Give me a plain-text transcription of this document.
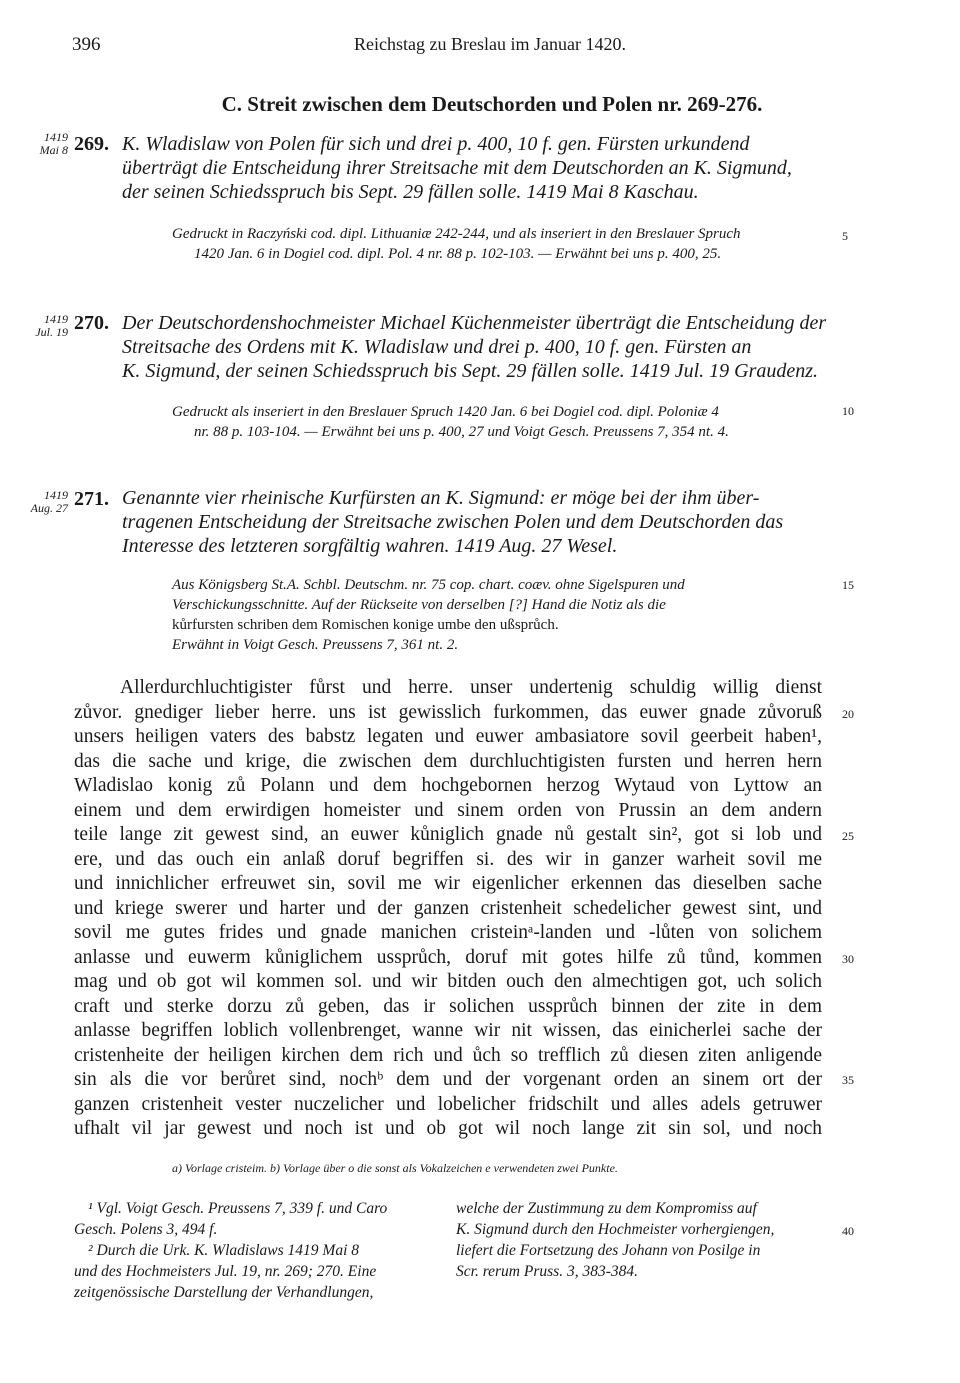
396	Reichstag zu Breslau im Januar 1420.
C. Streit zwischen dem Deutschorden und Polen nr. 269-276.
1419
Mai 8 269. K. Wladislaw von Polen für sich und drei p. 400, 10 f. gen. Fürsten urkundend
überträgt die Entscheidung ihrer Streitsache mit dem Deutschorden an K. Sigmund,
der seinen Schiedsspruch bis Sept. 29 fällen solle. 1419 Mai 8 Kaschau.
Gedruckt in Raczyński cod. dipl. Lithuaniæ 242-244, und als inseriert in den Breslauer Spruch
1420 Jan. 6 in Dogiel cod. dipl. Pol. 4 nr. 88 p. 102-103. — Erwähnt bei uns p. 400, 25.
1419
Jul. 19 270. Der Deutschordenshochmeister Michael Küchenmeister überträgt die Entscheidung der
Streitsache des Ordens mit K. Wladislaw und drei p. 400, 10 f. gen. Fürsten an
K. Sigmund, der seinen Schiedsspruch bis Sept. 29 fällen solle. 1419 Jul. 19 Graudenz.
Gedruckt als inseriert in den Breslauer Spruch 1420 Jan. 6 bei Dogiel cod. dipl. Poloniæ 4
nr. 88 p. 103-104. — Erwähnt bei uns p. 400, 27 und Voigt Gesch. Preussens 7, 354 nt. 4.
1419
Aug. 27 271. Genannte vier rheinische Kurfürsten an K. Sigmund: er möge bei der ihm über-
tragenen Entscheidung der Streitsache zwischen Polen und dem Deutschorden das
Interesse des letzteren sorgfältig wahren. 1419 Aug. 27 Wesel.
Aus Königsberg St.A. Schbl. Deutschm. nr. 75 cop. chart. coæv. ohne Sigelspuren und
Verschickungsschnitte. Auf der Rückseite von derselben [?] Hand die Notiz als die
kůrfursten schriben dem Romischen konige umbe den ußsprůch.
Erwähnt in Voigt Gesch. Preussens 7, 361 nt. 2.
Allerdurchluchtigister fůrst und herre. unser undertenig schuldig willig dienst
zůvor. gnediger lieber herre. uns ist gewisslich furkommen, das euwer gnade zůvoruß
unsers heiligen vaters des babstz legaten und euwer ambasiatore sovil geerbeit haben¹,
das die sache und krige, die zwischen dem durchluchtigisten fursten und herren hern
Wladislao konig zů Polann und dem hochgebornen herzog Wytaud von Lyttow an
einem und dem erwirdigen homeister und sinem orden von Prussin an dem andern
teile lange zit gewest sind, an euwer kůniglich gnade nů gestalt sin², got si lob und
ere, und das ouch ein anlaß doruf begriffen si. des wir in ganzer warheit sovil me
und innichlicher erfreuwet sin, sovil me wir eigenlicher erkennen das dieselben sache
und kriege swerer und harter und der ganzen cristenheit schedelicher gewest sint, und
sovil me gutes frides und gnade manichen cristeinᵃ-landen und -lůten von solichem
anlasse und euwerm kůniglichem ussprůch, doruf mit gotes hilfe zů tůnd, kommen
mag und ob got wil kommen sol. und wir bitden ouch den almechtigen got, uch solich
craft und sterke dorzu zů geben, das ir solichen ussprůch binnen der zite in dem
anlasse begriffen loblich vollenbrenget, wanne wir nit wissen, das einicherlei sache der
cristenheite der heiligen kirchen dem rich und ůch so trefflich zů diesen ziten anligende
sin als die vor berůret sind, nochᵇ dem und der vorgenant orden an sinem ort der
ganzen cristenheit vester nuczelicher und lobelicher fridschilt und alles adels getruwer
ufhalt vil jar gewest und noch ist und ob got wil noch lange zit sin sol, und noch
5
10
15
20
25
30
35
40
a) Vorlage cristeim. b) Vorlage über o die sonst als Vokalzeichen e verwendeten zwei Punkte.
¹ Vgl. Voigt Gesch. Preussens 7, 339 f. und Caro
Gesch. Polens 3, 494 f.
² Durch die Urk. K. Wladislaws 1419 Mai 8
und des Hochmeisters Jul. 19, nr. 269; 270. Eine
zeitgenössische Darstellung der Verhandlungen,
welche der Zustimmung zu dem Kompromiss auf
K. Sigmund durch den Hochmeister vorhergiengen,
liefert die Fortsetzung des Johann von Posilge in
Scr. rerum Pruss. 3, 383-384.
